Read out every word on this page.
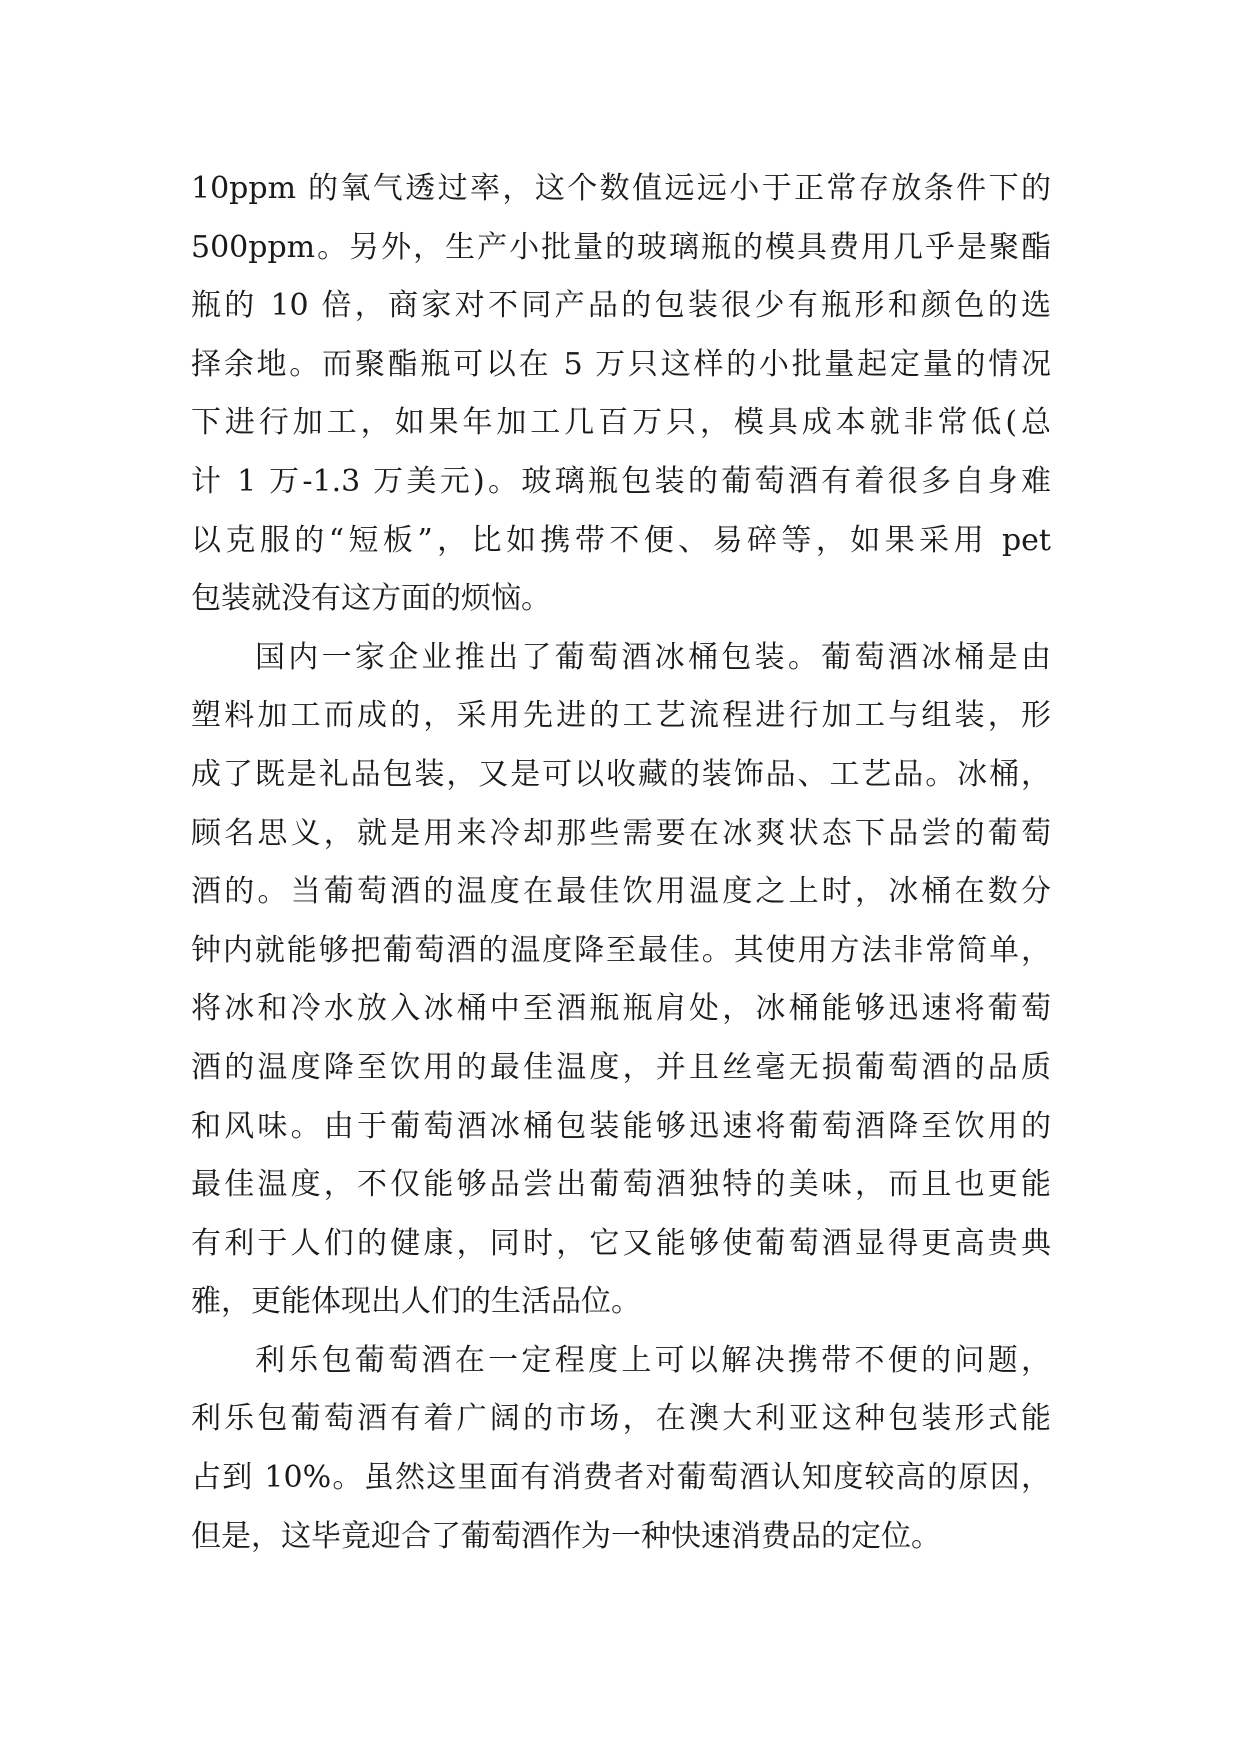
10ppm 的氧气透过率，这个数值远远小于正常存放条件下的
500ppm。另外，生产小批量的玻璃瓶的模具费用几乎是聚酯
瓶的 10 倍，商家对不同产品的包装很少有瓶形和颜色的选
择余地。而聚酯瓶可以在 5 万只这样的小批量起定量的情况
下进行加工，如果年加工几百万只，模具成本就非常低(总
计 1 万-1.3 万美元)。玻璃瓶包装的葡萄酒有着很多自身难
以克服的“短板”，比如携带不便、易碎等，如果采用 pet
包装就没有这方面的烦恼。
国内一家企业推出了葡萄酒冰桶包装。葡萄酒冰桶是由
塑料加工而成的，采用先进的工艺流程进行加工与组装，形
成了既是礼品包装，又是可以收藏的装饰品、工艺品。冰桶，
顾名思义，就是用来冷却那些需要在冰爽状态下品尝的葡萄
酒的。当葡萄酒的温度在最佳饮用温度之上时，冰桶在数分
钟内就能够把葡萄酒的温度降至最佳。其使用方法非常简单，
将冰和冷水放入冰桶中至酒瓶瓶肩处，冰桶能够迅速将葡萄
酒的温度降至饮用的最佳温度，并且丝毫无损葡萄酒的品质
和风味。由于葡萄酒冰桶包装能够迅速将葡萄酒降至饮用的
最佳温度，不仅能够品尝出葡萄酒独特的美味，而且也更能
有利于人们的健康，同时，它又能够使葡萄酒显得更高贵典
雅，更能体现出人们的生活品位。
利乐包葡萄酒在一定程度上可以解决携带不便的问题，
利乐包葡萄酒有着广阔的市场，在澳大利亚这种包装形式能
占到 10%。虽然这里面有消费者对葡萄酒认知度较高的原因，
但是，这毕竟迎合了葡萄酒作为一种快速消费品的定位。
